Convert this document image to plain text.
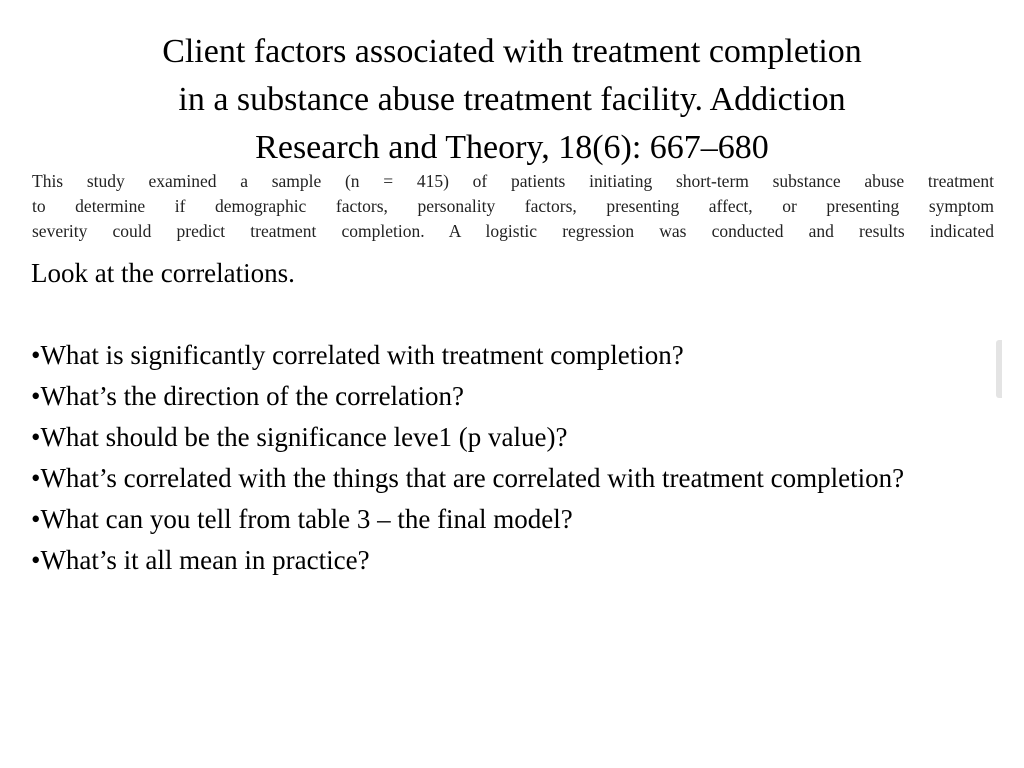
Client factors associated with treatment completion
in a substance abuse treatment facility. Addiction
Research and Theory, 18(6): 667–680
This study examined a sample (n = 415) of patients initiating short-term substance abuse treatment
to determine if demographic factors, personality factors, presenting affect, or presenting symptom
severity could predict treatment completion. A logistic regression was conducted and results indicated
Look at the correlations.
•What is significantly correlated with treatment completion?
•What’s the direction of the correlation?
•What should be the significance leve1 (p value)?
•What’s correlated with the things that are correlated with treatment completion?
•What can you tell from table 3 – the final model?
•What’s it all mean in practice?
